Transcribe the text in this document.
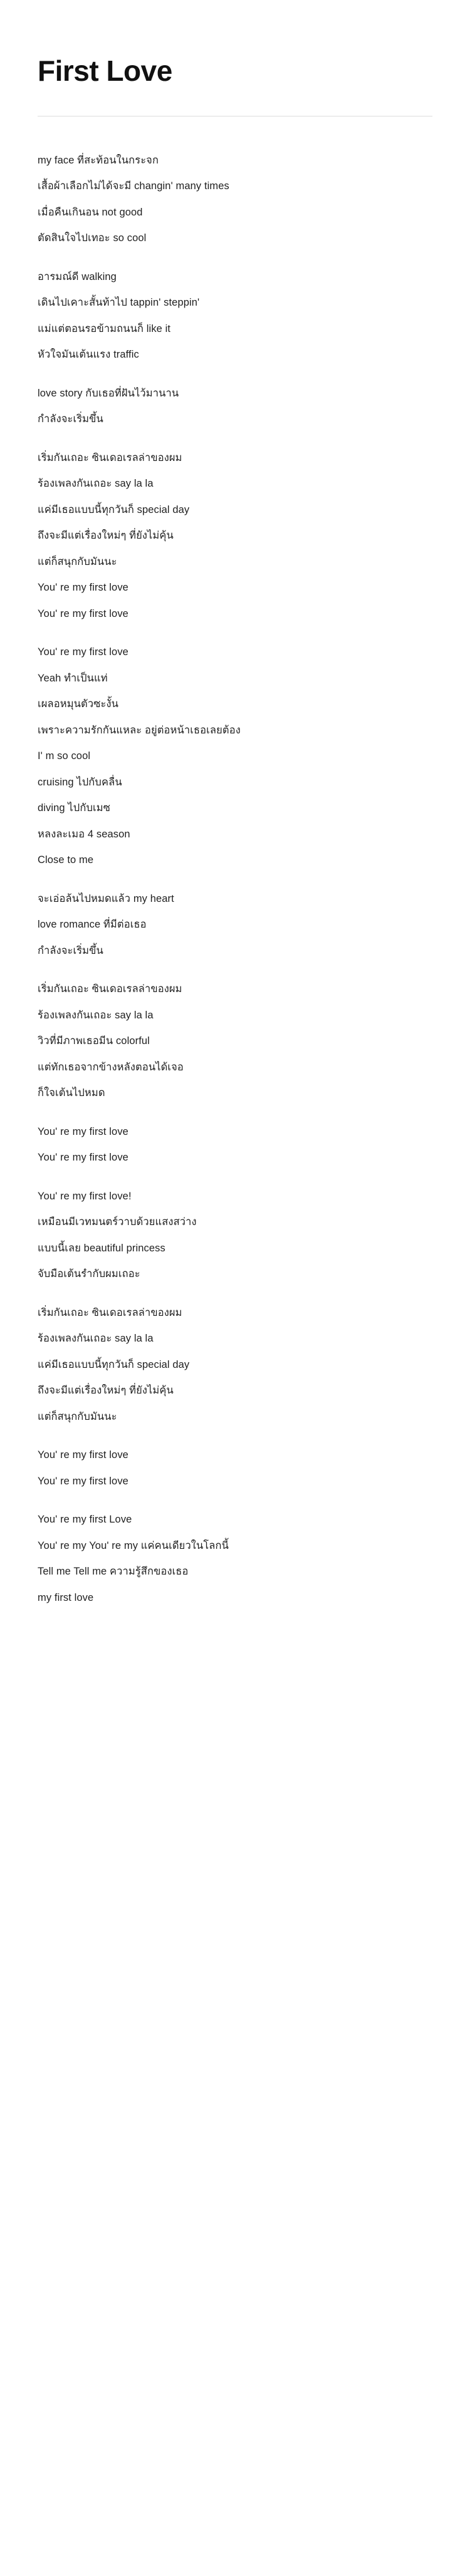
First Love

my face ที่สะท้อนในกระจก

เสื้อผ้าเลือกไม่ได้จะมี changin' many times

เมื่อคืนเกินอน not good

ตัดสินใจไปเทอะ so cool

อารมณ์ดี walking

เดินไปเคาะสั้นท้าไป tappin' steppin'

แม่แต่ตอนรอข้ามถนนก็ like it

หัวใจมันเต้นแรง traffic

love story กับเธอที่ฝันไว้มานาน

กำลังจะเริ่มขึ้น

เริ่มกันเถอะ ซินเดอเรลล่าของผม

ร้องเพลงกันเถอะ say la la

แค่มีเธอแบบนี้ทุกวันก็ special day

ถึงจะมีแต่เรื่องใหม่ๆ ที่ยังไม่คุ้น

แต่ก็สนุกกับมันนะ

You' re my first love

You' re my first love

You' re my first love

Yeah ทำเป็นแท่

เผลอหมุนตัวซะงั้น

เพราะความรักกันแหละ อยู่ต่อหน้าเธอเลยต้อง

I' m so cool

cruising ไปกับคลื่น

diving ไปกับเมซ

หลงละเมอ 4 season

Close to me

จะเอ่อล้นไปหมดแล้ว my heart

love romance ที่มีต่อเธอ

กำลังจะเริ่มขึ้น

เริ่มกันเถอะ ซินเดอเรลล่าของผม

ร้องเพลงกันเถอะ say la la

วิวที่มีภาพเธอมีน colorful

แต่ทักเธอจากข้างหลังตอนได้เจอ

ก็ใจเต้นไปหมด

You' re my first love

You' re my first love

You' re my first love!

เหมือนมีเวทมนตร์วาบด้วยแสงสว่าง

แบบนี้เลย beautiful princess

จับมือเต้นรำกับผมเถอะ

เริ่มกันเถอะ ซินเดอเรลล่าของผม

ร้องเพลงกันเถอะ say la la

แค่มีเธอแบบนี้ทุกวันก็ special day

ถึงจะมีแต่เรื่องใหม่ๆ ที่ยังไม่คุ้น

แต่ก็สนุกกับมันนะ

You' re my first love

You' re my first love

You' re my first Love

You' re my You' re my แค่คนเดียวในโลกนี้

Tell me Tell me ความรู้สึกของเธอ

my first love
